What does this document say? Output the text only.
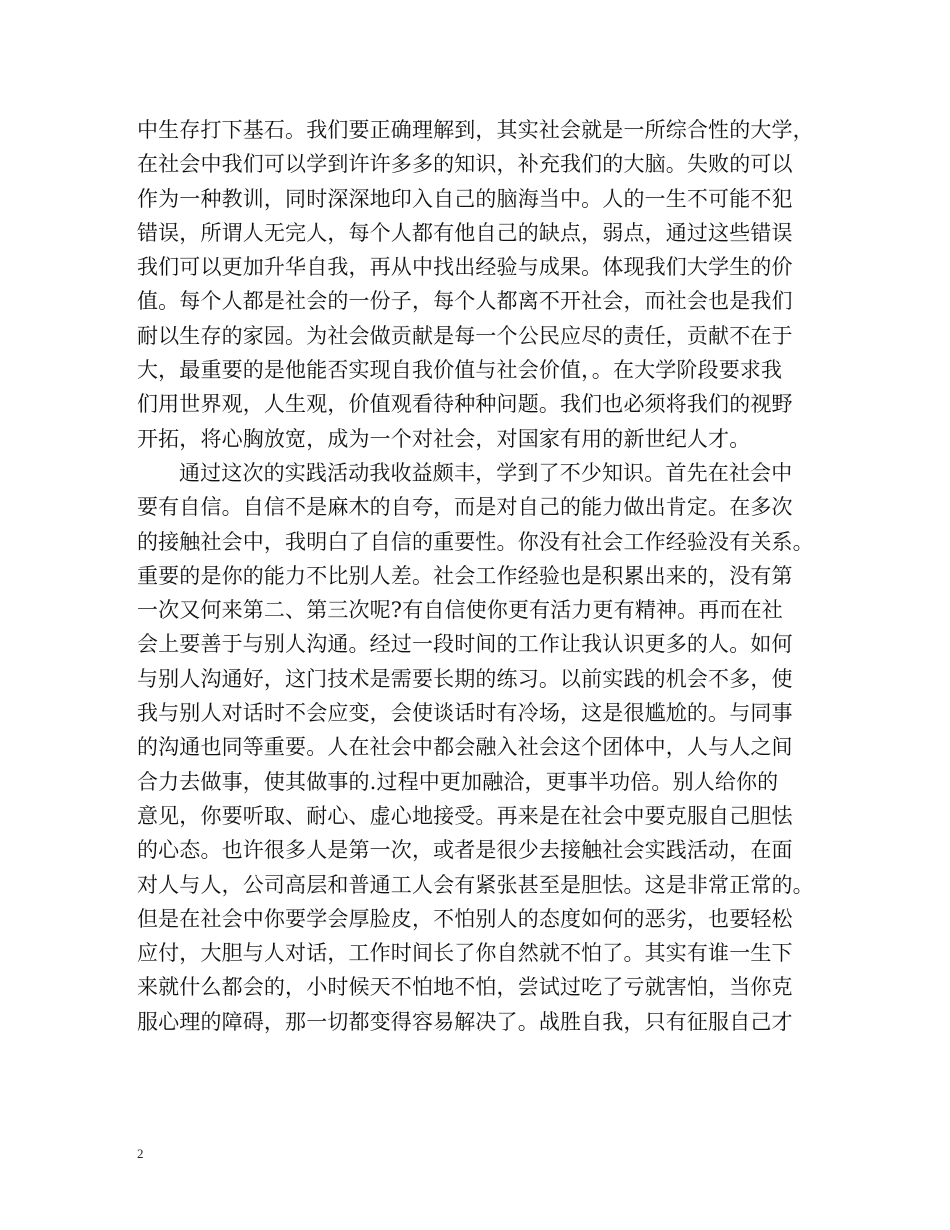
中生存打下基石。我们要正确理解到，其实社会就是一所综合性的大学，
在社会中我们可以学到许许多多的知识，补充我们的大脑。失败的可以
作为一种教训，同时深深地印入自己的脑海当中。人的一生不可能不犯
错误，所谓人无完人，每个人都有他自己的缺点，弱点，通过这些错误
我们可以更加升华自我，再从中找出经验与成果。体现我们大学生的价
值。每个人都是社会的一份子，每个人都离不开社会，而社会也是我们
耐以生存的家园。为社会做贡献是每一个公民应尽的责任，贡献不在于
大，最重要的是他能否实现自我价值与社会价值，。在大学阶段要求我
们用世界观，人生观，价值观看待种种问题。我们也必须将我们的视野
开拓，将心胸放宽，成为一个对社会，对国家有用的新世纪人才。
通过这次的实践活动我收益颇丰，学到了不少知识。首先在社会中
要有自信。自信不是麻木的自夸，而是对自己的能力做出肯定。在多次
的接触社会中，我明白了自信的重要性。你没有社会工作经验没有关系。
重要的是你的能力不比别人差。社会工作经验也是积累出来的，没有第
一次又何来第二、第三次呢?有自信使你更有活力更有精神。再而在社
会上要善于与别人沟通。经过一段时间的工作让我认识更多的人。如何
与别人沟通好，这门技术是需要长期的练习。以前实践的机会不多，使
我与别人对话时不会应变，会使谈话时有冷场，这是很尴尬的。与同事
的沟通也同等重要。人在社会中都会融入社会这个团体中，人与人之间
合力去做事，使其做事的.过程中更加融洽，更事半功倍。别人给你的
意见，你要听取、耐心、虚心地接受。再来是在社会中要克服自己胆怯
的心态。也许很多人是第一次，或者是很少去接触社会实践活动，在面
对人与人，公司高层和普通工人会有紧张甚至是胆怯。这是非常正常的。
但是在社会中你要学会厚脸皮，不怕别人的态度如何的恶劣，也要轻松
应付，大胆与人对话，工作时间长了你自然就不怕了。其实有谁一生下
来就什么都会的，小时候天不怕地不怕，尝试过吃了亏就害怕，当你克
服心理的障碍，那一切都变得容易解决了。战胜自我，只有征服自己才
2
